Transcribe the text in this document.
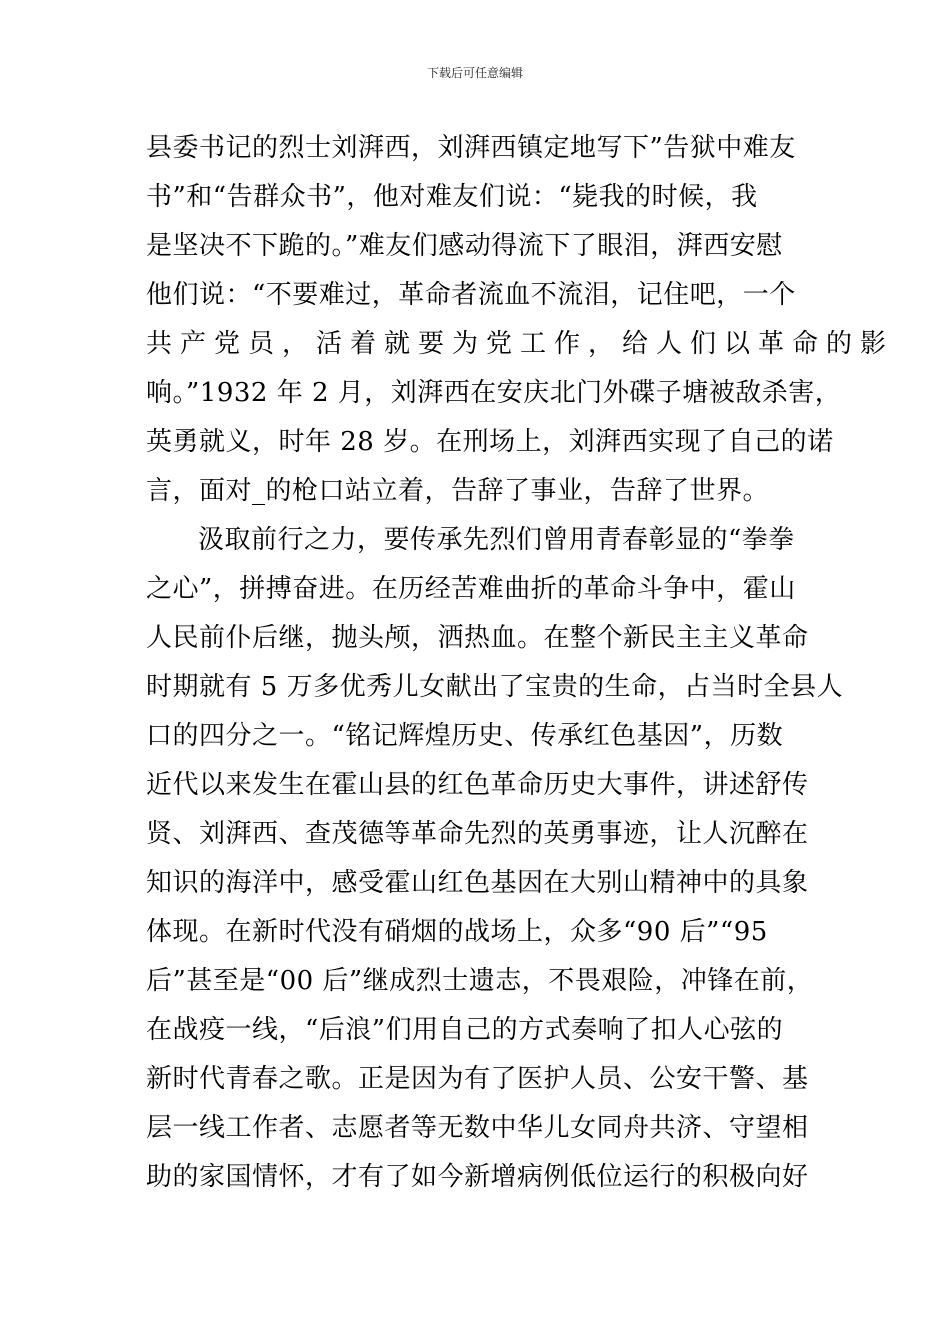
下载后可任意编辑
县委书记的烈士刘湃西，刘湃西镇定地写下”告狱中难友
书”和“告群众书”，他对难友们说：“毙我的时候，我
是坚决不下跪的。”难友们感动得流下了眼泪，湃西安慰
他们说：“不要难过，革命者流血不流泪，记住吧，一个
共产党员，活着就要为党工作，给人们以革命的影
响。”1932 年 2 月，刘湃西在安庆北门外碟子塘被敌杀害，
英勇就义，时年 28 岁。在刑场上，刘湃西实现了自己的诺
言，面对_的枪口站立着，告辞了事业，告辞了世界。
汲取前行之力，要传承先烈们曾用青春彰显的“拳拳
之心”，拼搏奋进。在历经苦难曲折的革命斗争中，霍山
人民前仆后继，抛头颅，洒热血。在整个新民主主义革命
时期就有 5 万多优秀儿女献出了宝贵的生命，占当时全县人
口的四分之一。“铭记辉煌历史、传承红色基因”，历数
近代以来发生在霍山县的红色革命历史大事件，讲述舒传
贤、刘湃西、查茂德等革命先烈的英勇事迹，让人沉醉在
知识的海洋中，感受霍山红色基因在大别山精神中的具象
体现。在新时代没有硝烟的战场上，众多“90 后”“95
后”甚至是“00 后”继成烈士遗志，不畏艰险，冲锋在前，
在战疫一线，“后浪”们用自己的方式奏响了扣人心弦的
新时代青春之歌。正是因为有了医护人员、公安干警、基
层一线工作者、志愿者等无数中华儿女同舟共济、守望相
助的家国情怀，才有了如今新增病例低位运行的积极向好
